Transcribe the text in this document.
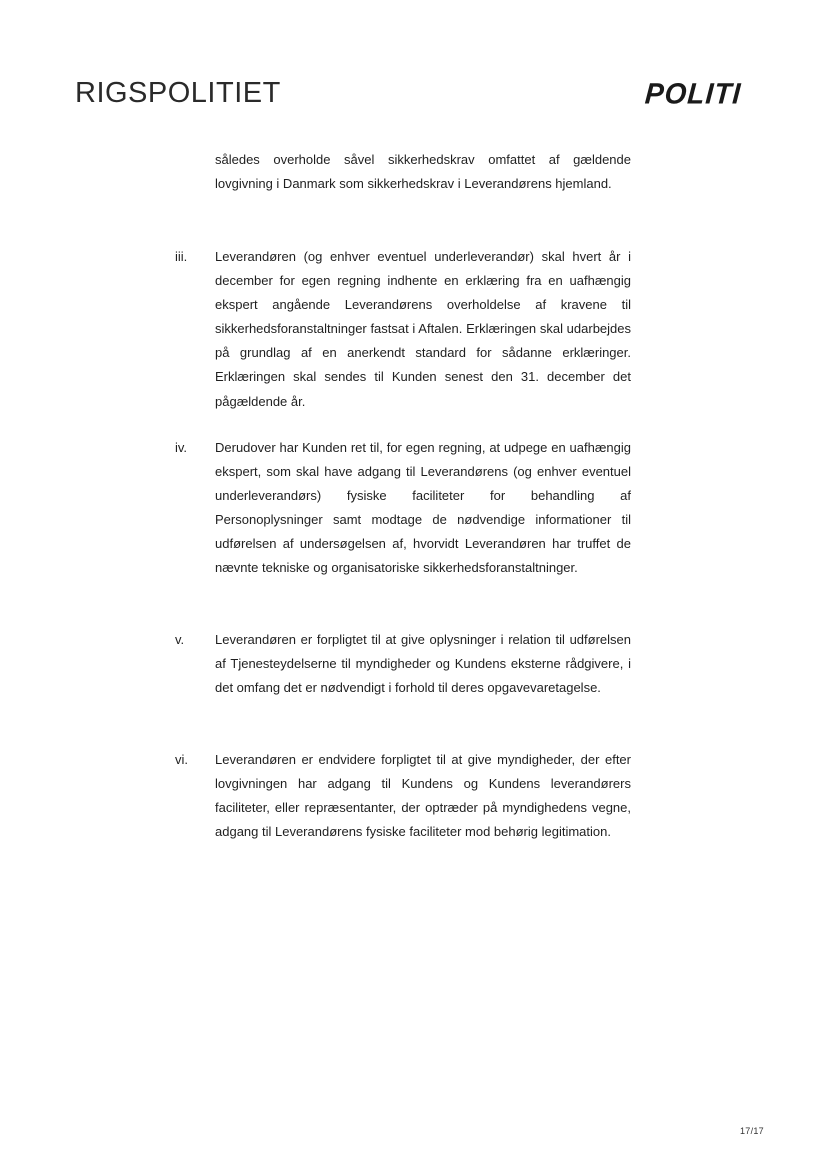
RIGSPOLITIET	POLITI
således overholde såvel sikkerhedskrav omfattet af gældende lovgivning i Danmark som sikkerhedskrav i Leverandørens hjemland.
iii. Leverandøren (og enhver eventuel underleverandør) skal hvert år i december for egen regning indhente en erklæring fra en uafhængig ekspert angående Leverandørens overholdelse af kravene til sikkerhedsforanstaltninger fastsat i Aftalen. Erklæringen skal udarbejdes på grundlag af en anerkendt standard for sådanne erklæringer. Erklæringen skal sendes til Kunden senest den 31. december det pågældende år.
iv. Derudover har Kunden ret til, for egen regning, at udpege en uafhængig ekspert, som skal have adgang til Leverandørens (og enhver eventuel underleverandørs) fysiske faciliteter for behandling af Personoplysninger samt modtage de nødvendige informationer til udførelsen af undersøgelsen af, hvorvidt Leverandøren har truffet de nævnte tekniske og organisatoriske sikkerhedsforanstaltninger.
v. Leverandøren er forpligtet til at give oplysninger i relation til udførelsen af Tjenesteydelserne til myndigheder og Kundens eksterne rådgivere, i det omfang det er nødvendigt i forhold til deres opgavevaretagelse.
vi. Leverandøren er endvidere forpligtet til at give myndigheder, der efter lovgivningen har adgang til Kundens og Kundens leverandørers faciliteter, eller repræsentanter, der optræder på myndighedens vegne, adgang til Leverandørens fysiske faciliteter mod behørig legitimation.
17/17
